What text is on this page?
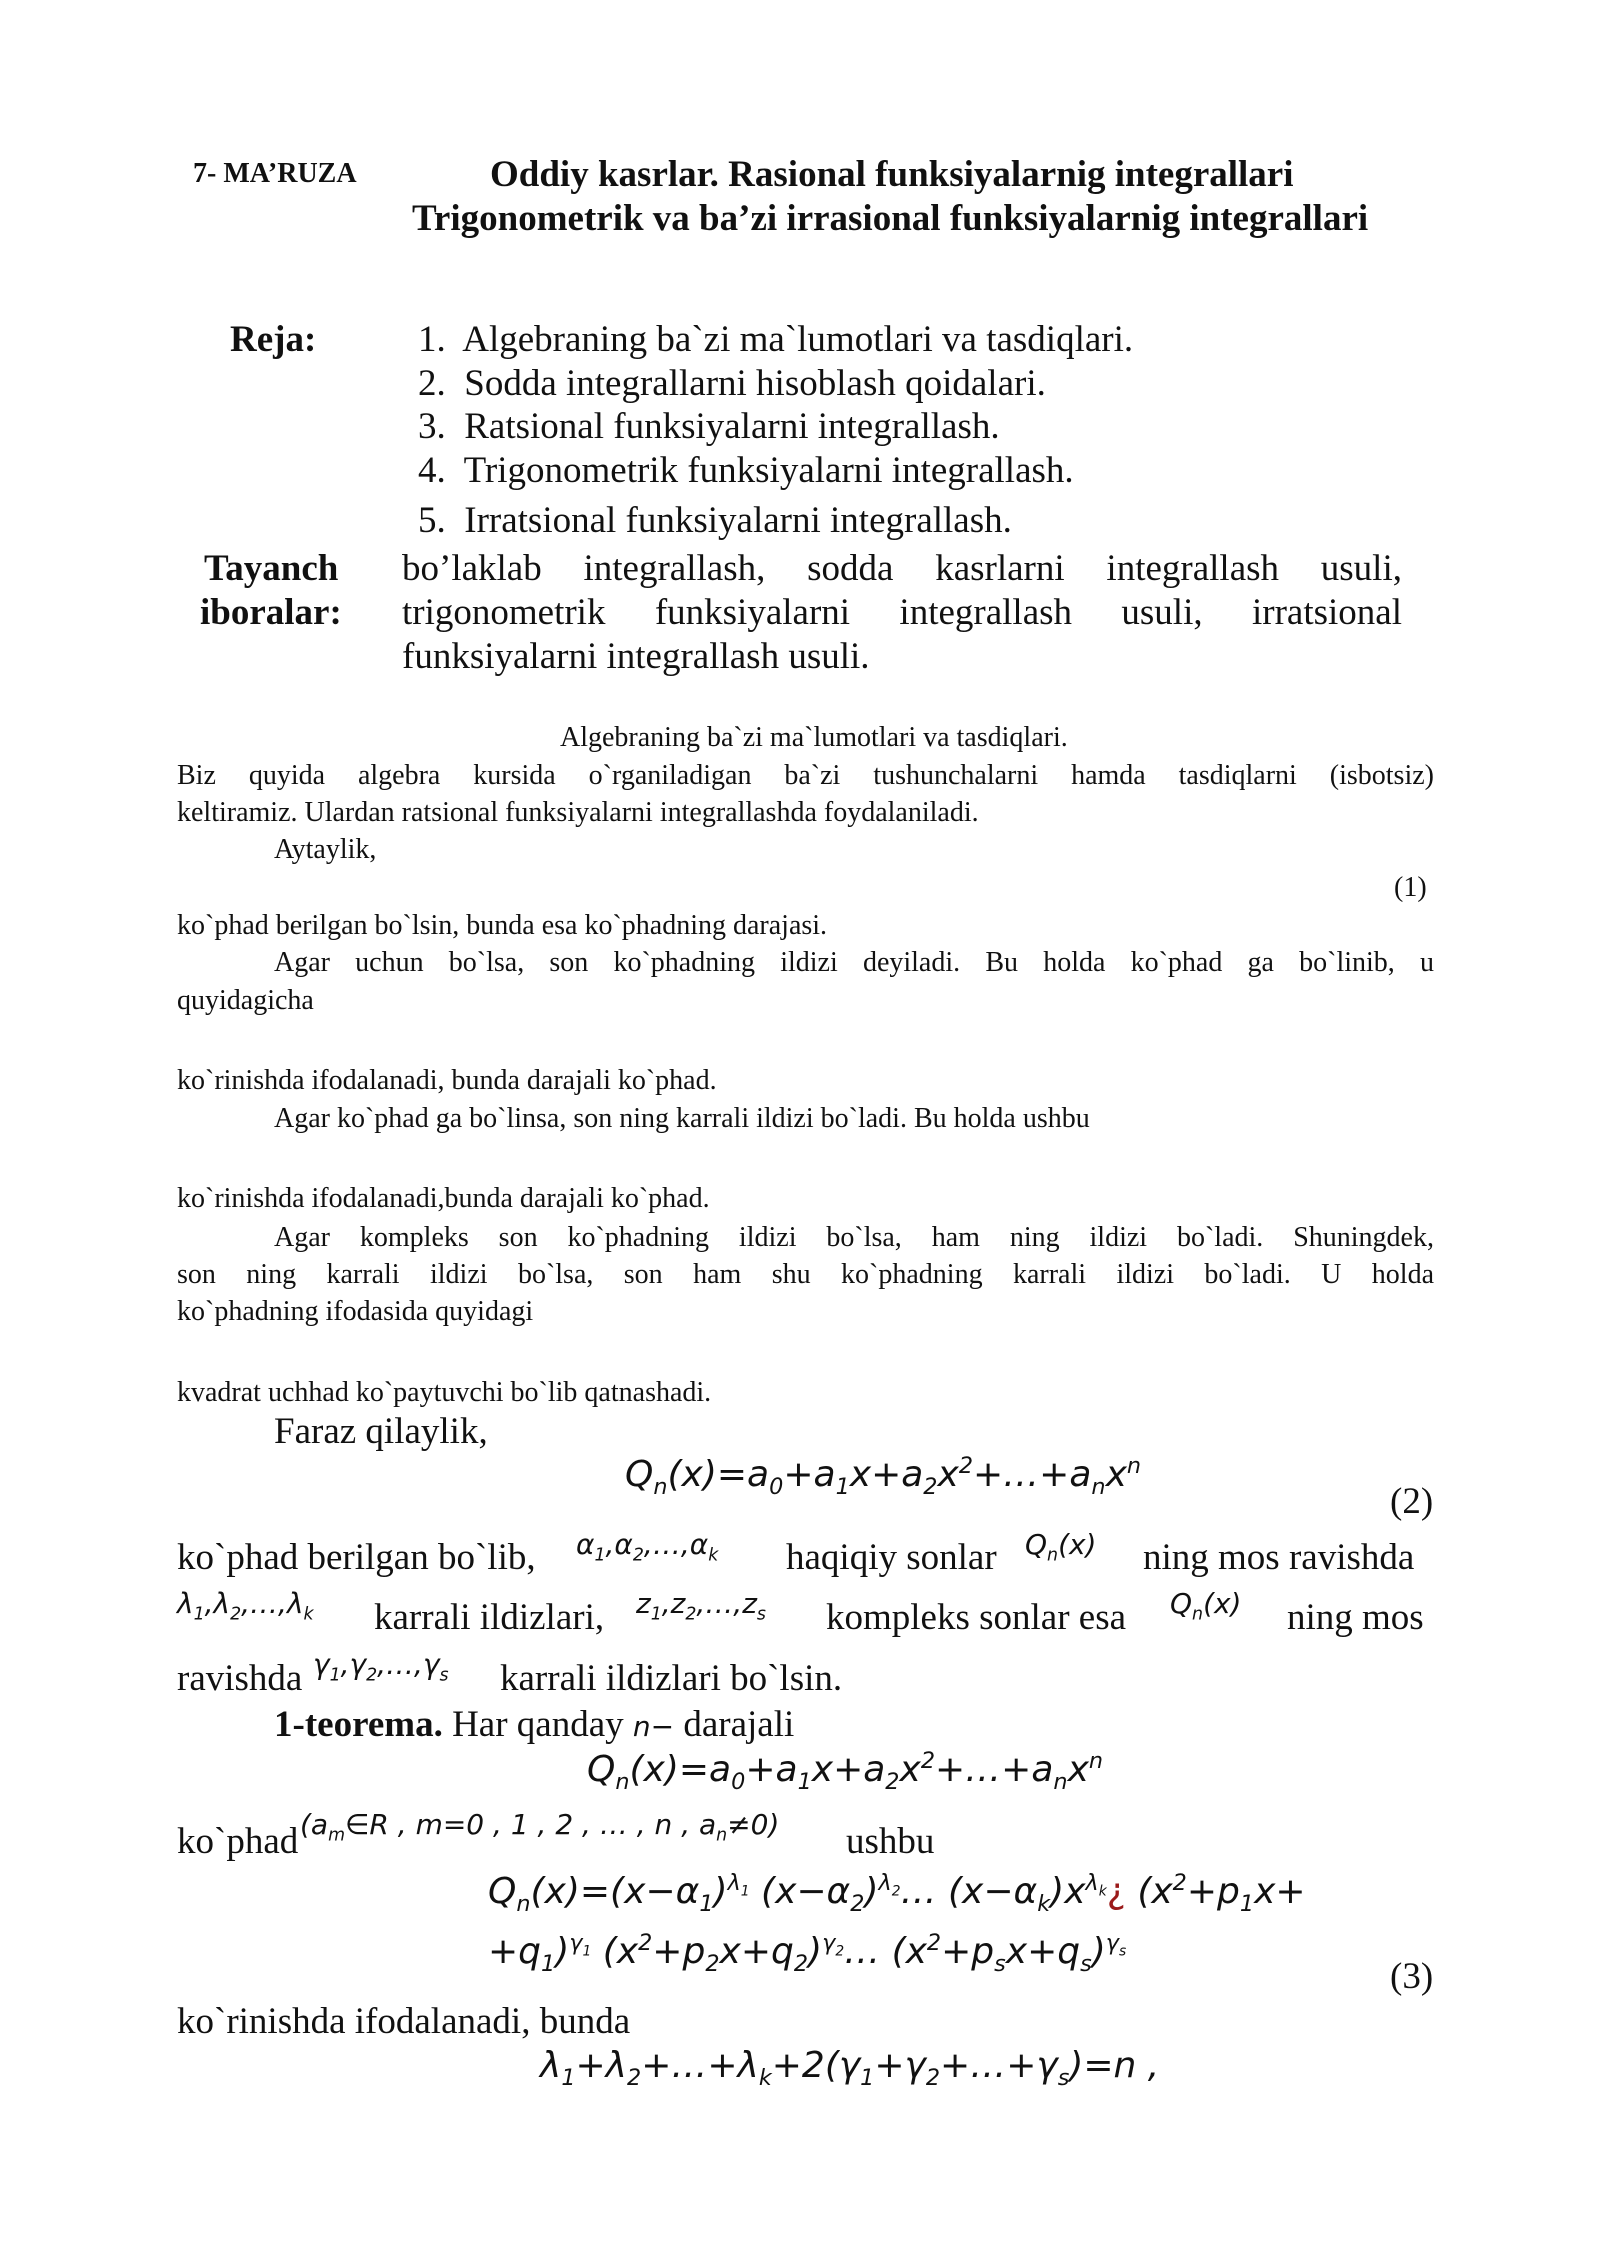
7- MA’RUZA	Oddiy kasrlar. Rasional funksiyalarnig integrallari
Trigonometrik va ba’zi irrasional funksiyalarnig integrallari
Reja:	1. Algebraning ba`zi ma`lumotlari va tasdiqlari.
2. Sodda integrallarni hisoblash qoidalari.
3. Ratsional funksiyalarni integrallash.
4. Trigonometrik funksiyalarni integrallash.
5. Irratsional funksiyalarni integrallash.
Tayanch
iboralar:
bo’laklab integrallash, sodda kasrlarni integrallash usuli,
trigonometrik funksiyalarni integrallash usuli, irratsional
funksiyalarni integrallash usuli.
Algebraning ba`zi ma`lumotlari va tasdiqlari.
Biz quyida algebra kursida o`rganiladigan ba`zi tushunchalarni hamda tasdiqlarni (isbotsiz)
keltiramiz. Ulardan ratsional funksiyalarni integrallashda foydalaniladi.
Aytaylik,
(1)
ko`phad berilgan bo`lsin, bunda esa ko`phadning darajasi.
Agar uchun bo`lsa, son ko`phadning ildizi deyiladi. Bu holda ko`phad ga bo`linib, u
quyidagicha
ko`rinishda ifodalanadi, bunda darajali ko`phad.
Agar ko`phad ga bo`linsa, son ning karrali ildizi bo`ladi. Bu holda ushbu
ko`rinishda ifodalanadi,bunda darajali ko`phad.
Agar kompleks son ko`phadning ildizi bo`lsa, ham ning ildizi bo`ladi. Shuningdek,
son ning karrali ildizi bo`lsa, son ham shu ko`phadning karrali ildizi bo`ladi. U holda
ko`phadning ifodasida quyidagi
kvadrat uchhad ko`paytuvchi bo`lib qatnashadi.
Faraz qilaylik,
$Q_n(x)=a_0+a_1x+a_2x^2+\dots+a_nx^n$
(2)
ko`phad berilgan bo`lib, $\alpha_1,\alpha_2,\dots,\alpha_k$ haqiqiy sonlar $Q_n(x)$ ning mos ravishda
$\lambda_1,\lambda_2,\dots,\lambda_k$ karrali ildizlari, $z_1,z_2,\dots,z_s$ kompleks sonlar esa $Q_n(x)$ ning mos
ravishda $\gamma_1,\gamma_2,\dots,\gamma_s$ karrali ildizlari bo`lsin.
1-teorema. Har qanday n− darajali
$Q_n(x)=a_0+a_1x+a_2x^2+\dots+a_nx^n$
ko`phad ($a_m\in R$ , m=0 , 1 , 2 , … , n , $a_n\ne 0$) ushbu
$Q_n(x)=(x-\alpha_1)^{\lambda_1}$ $(x-\alpha_2)^{\lambda_2}\dots$ $(x-\alpha_k)x^{\lambda_k}¿$ ($x^2+p_1x+$
$+q_1)^{\gamma_1}$ $(x^2+p_2x+q_2)^{\gamma_2}\dots$ $(x^2+p_sx+q_s)^{\gamma_s}$
(3)
ko`rinishda ifodalanadi, bunda
$\lambda_1+\lambda_2+\dots+\lambda_k+2(\gamma_1+\gamma_2+\dots+\gamma_s)=n$ ,
